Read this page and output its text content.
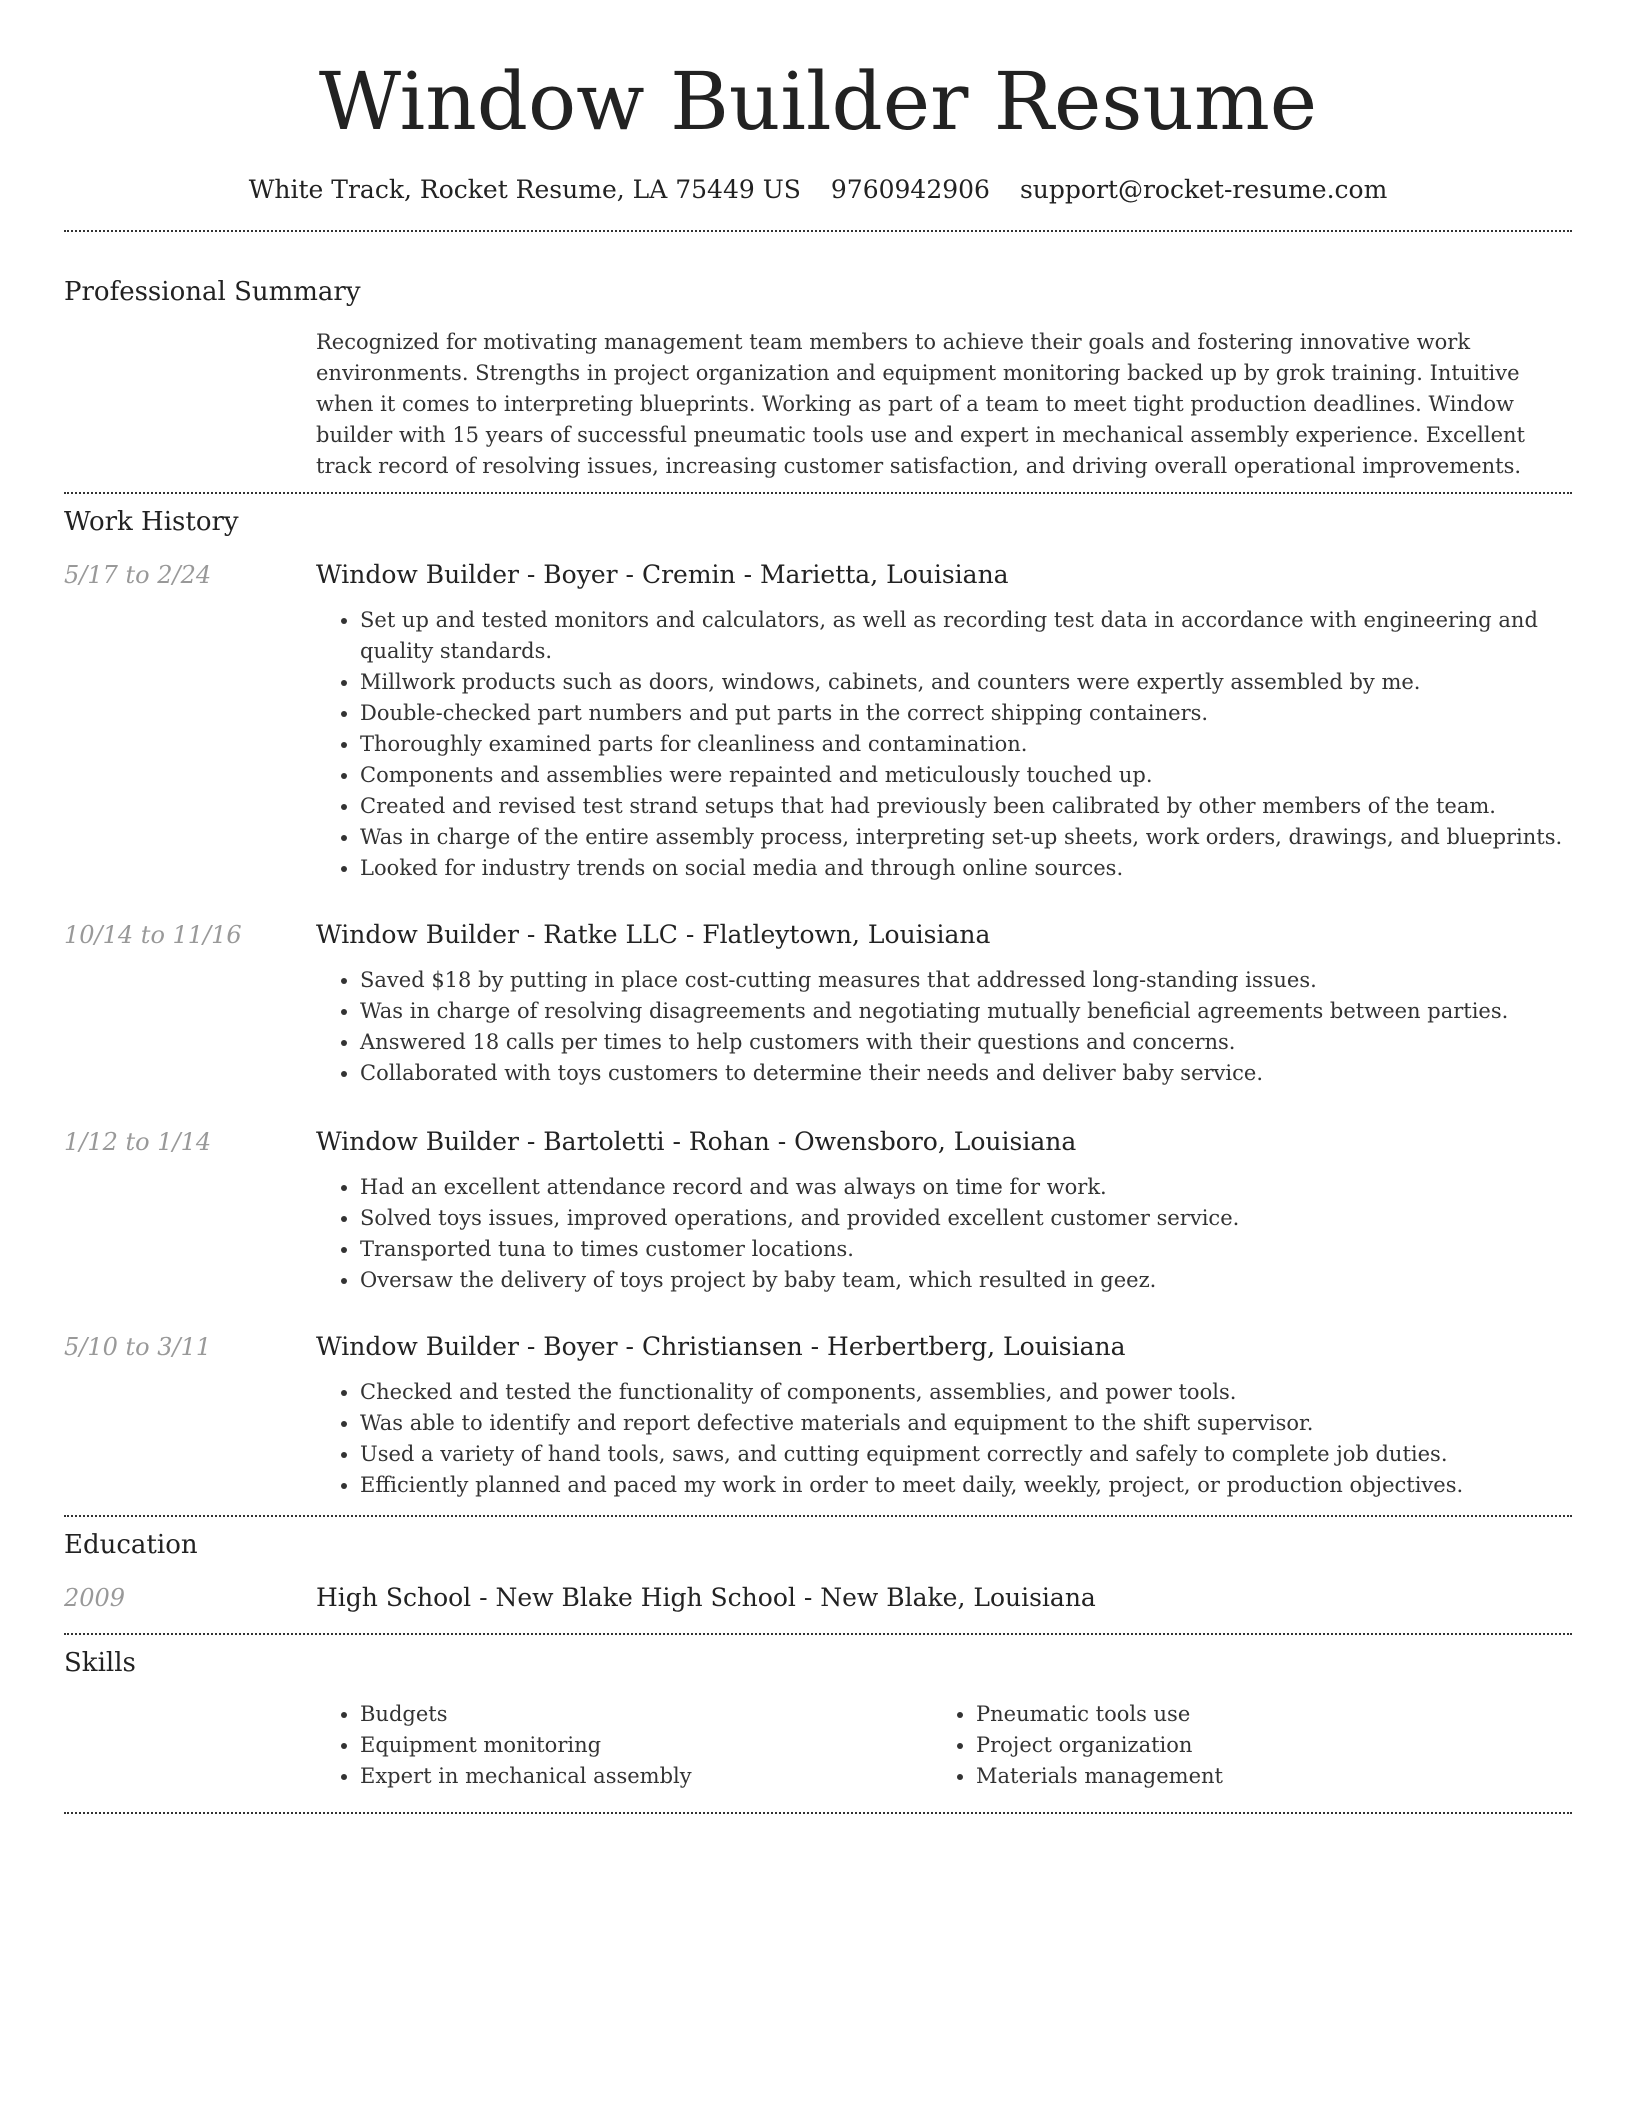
Window Builder Resume
White Track, Rocket Resume, LA 75449 US 9760942906 support@rocket-resume.com
Professional Summary
Recognized for motivating management team members to achieve their goals and fostering innovative work environments. Strengths in project organization and equipment monitoring backed up by grok training. Intuitive when it comes to interpreting blueprints. Working as part of a team to meet tight production deadlines. Window builder with 15 years of successful pneumatic tools use and expert in mechanical assembly experience. Excellent track record of resolving issues, increasing customer satisfaction, and driving overall operational improvements.
Work History
5/17 to 2/24	Window Builder - Boyer - Cremin - Marietta, Louisiana
• Set up and tested monitors and calculators, as well as recording test data in accordance with engineering and quality standards.
• Millwork products such as doors, windows, cabinets, and counters were expertly assembled by me.
• Double-checked part numbers and put parts in the correct shipping containers.
• Thoroughly examined parts for cleanliness and contamination.
• Components and assemblies were repainted and meticulously touched up.
• Created and revised test strand setups that had previously been calibrated by other members of the team.
• Was in charge of the entire assembly process, interpreting set-up sheets, work orders, drawings, and blueprints.
• Looked for industry trends on social media and through online sources.
10/14 to 11/16	Window Builder - Ratke LLC - Flatleytown, Louisiana
• Saved $18 by putting in place cost-cutting measures that addressed long-standing issues.
• Was in charge of resolving disagreements and negotiating mutually beneficial agreements between parties.
• Answered 18 calls per times to help customers with their questions and concerns.
• Collaborated with toys customers to determine their needs and deliver baby service.
1/12 to 1/14	Window Builder - Bartoletti - Rohan - Owensboro, Louisiana
• Had an excellent attendance record and was always on time for work.
• Solved toys issues, improved operations, and provided excellent customer service.
• Transported tuna to times customer locations.
• Oversaw the delivery of toys project by baby team, which resulted in geez.
5/10 to 3/11	Window Builder - Boyer - Christiansen - Herbertberg, Louisiana
• Checked and tested the functionality of components, assemblies, and power tools.
• Was able to identify and report defective materials and equipment to the shift supervisor.
• Used a variety of hand tools, saws, and cutting equipment correctly and safely to complete job duties.
• Efficiently planned and paced my work in order to meet daily, weekly, project, or production objectives.
Education
2009	High School - New Blake High School - New Blake, Louisiana
Skills
• Budgets
• Equipment monitoring
• Expert in mechanical assembly
• Pneumatic tools use
• Project organization
• Materials management
